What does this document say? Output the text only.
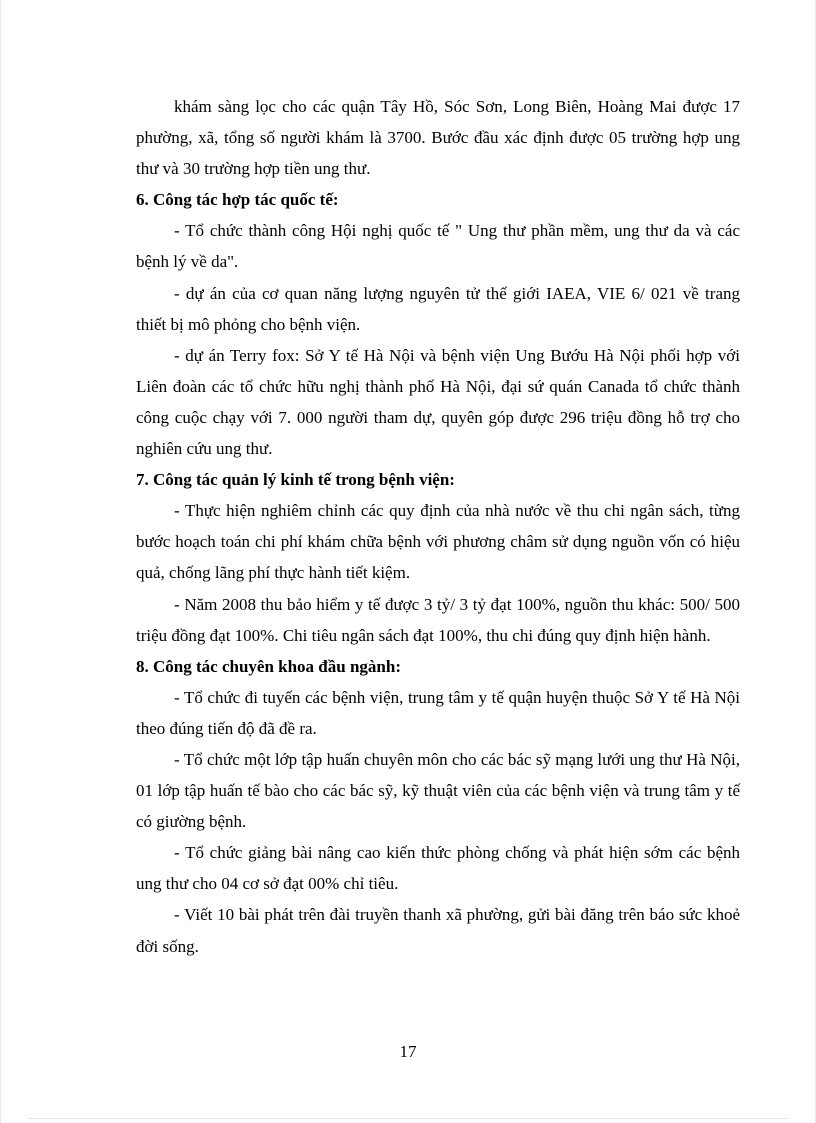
khám sàng lọc cho các quận Tây Hồ, Sóc Sơn, Long Biên, Hoàng Mai được 17 phường, xã, tổng số người khám là 3700. Bước đầu xác định được 05 trường hợp ung thư và 30 trường hợp tiền ung thư.

6. Công tác hợp tác quốc tế:

- Tổ chức thành công Hội nghị quốc tế " Ung thư phần mềm, ung thư da và các bệnh lý về da".

- dự án của cơ quan năng lượng nguyên tử thế giới IAEA, VIE 6/ 021 về trang thiết bị mô phỏng cho bệnh viện.

- dự án Terry fox: Sở Y tế Hà Nội và bệnh viện Ung Bướu Hà Nội phối hợp với Liên đoàn các tổ chức hữu nghị thành phố Hà Nội, đại sứ quán Canada tổ chức thành công cuộc chạy với 7. 000 người tham dự, quyên góp được 296 triệu đồng hỗ trợ cho nghiên cứu ung thư.

7. Công tác quản lý kinh tế trong bệnh viện:

- Thực hiện nghiêm chỉnh các quy định của nhà nước về thu chi ngân sách, từng bước hoạch toán chi phí khám chữa bệnh với phương châm sử dụng nguồn vốn có hiệu quả, chống lãng phí thực hành tiết kiệm.

- Năm 2008 thu bảo hiểm y tế được 3 tỷ/ 3 tỷ đạt 100%, nguồn thu khác: 500/ 500 triệu đồng đạt 100%. Chi tiêu ngân sách đạt 100%, thu chi đúng quy định hiện hành.

8. Công tác chuyên khoa đầu ngành:

- Tổ chức đi tuyến các bệnh viện, trung tâm y tế quận huyện thuộc Sở Y tế Hà Nội theo đúng tiến độ đã đề ra.

- Tổ chức một lớp tập huấn chuyên môn cho các bác sỹ mạng lưới ung thư Hà Nội, 01 lớp tập huấn tế bào cho các bác sỹ, kỹ thuật viên của các bệnh viện và trung tâm y tế có giường bệnh.

- Tổ chức giảng bài nâng cao kiến thức phòng chống và phát hiện sớm các bệnh ung thư cho 04 cơ sở đạt 00% chỉ tiêu.

- Viết 10 bài phát trên đài truyền thanh xã phường, gửi bài đăng trên báo sức khoẻ đời sống.

17
